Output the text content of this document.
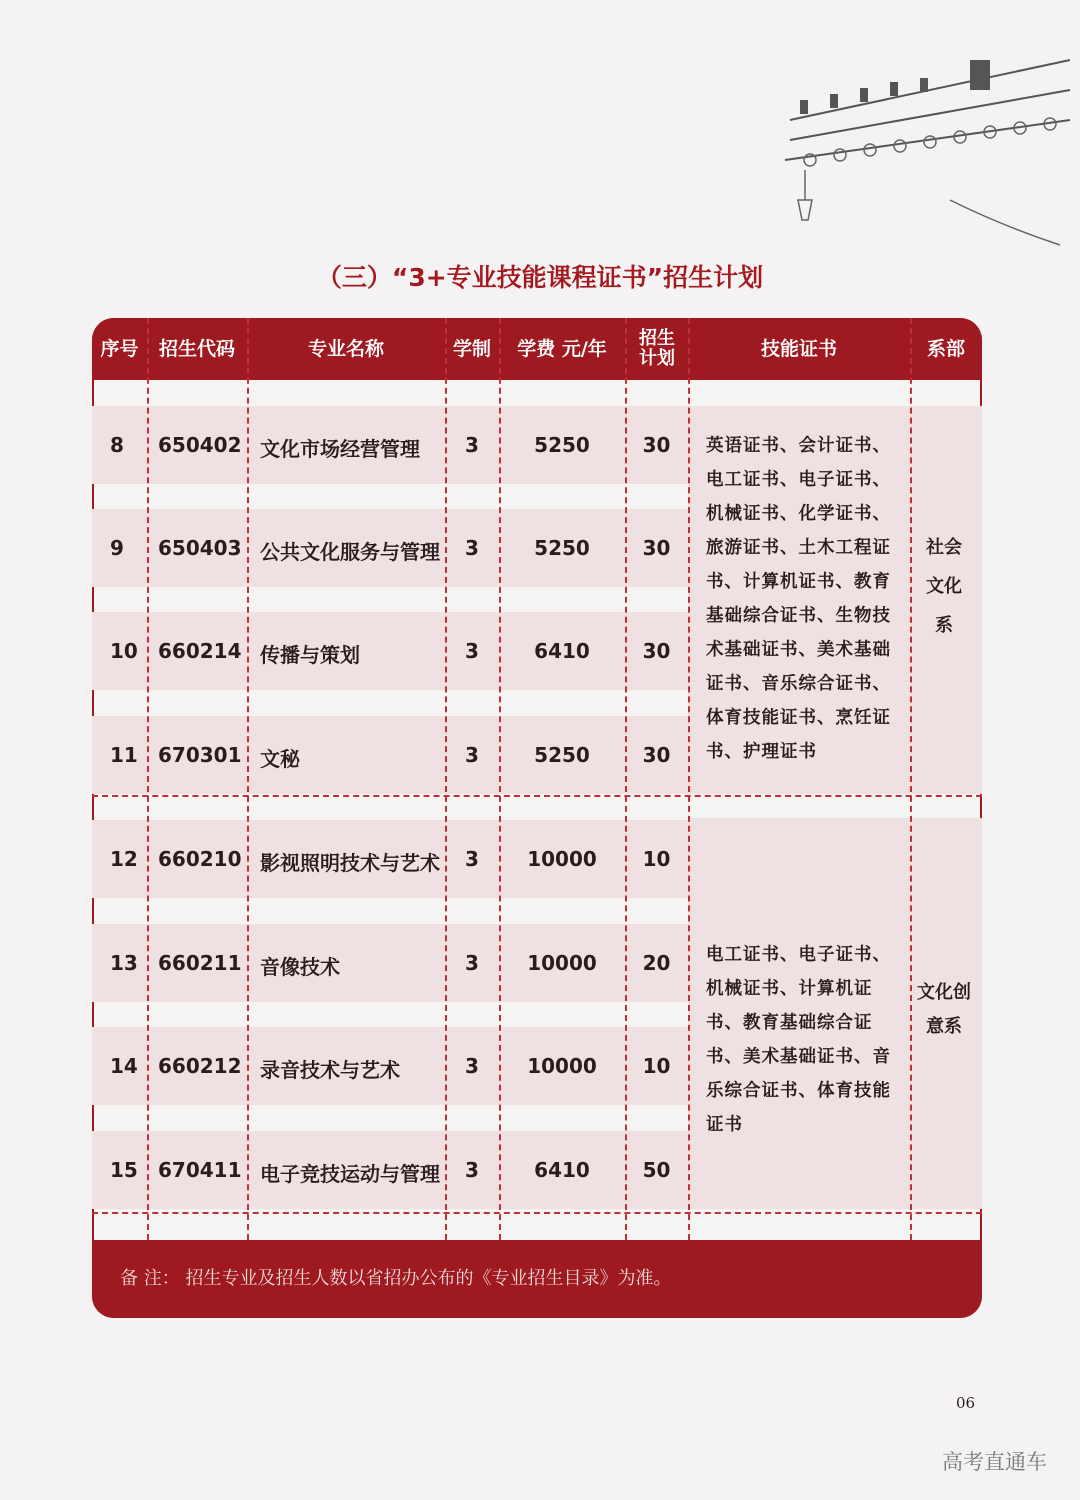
（三）“3+专业技能课程证书”招生计划
序号	招生代码	专业名称	学制	学费 元/年	招生计划	技能证书	系部
8 650402 文化市场经营管理	3	5250	30
9 650403 公共文化服务与管理	3	5250	30
10 660214 传播与策划	3	6410	30
11 670301 文秘	3	5250	30
英语证书、会计证书、电工证书、电子证书、机械证书、化学证书、旅游证书、土木工程证书、计算机证书、教育基础综合证书、生物技术基础证书、美术基础证书、音乐综合证书、体育技能证书、烹饪证书、护理证书
社会文化系
12 660210 影视照明技术与艺术	3	10000	10
13 660211 音像技术	3	10000	20
14 660212 录音技术与艺术	3	10000	10
15 670411 电子竞技运动与管理	3	6410	50
电工证书、电子证书、机械证书、计算机证书、教育基础综合证书、美术基础证书、音乐综合证书、体育技能证书
文化创意系
备 注： 招生专业及招生人数以省招办公布的《专业招生目录》为准。
06
高考直通车
